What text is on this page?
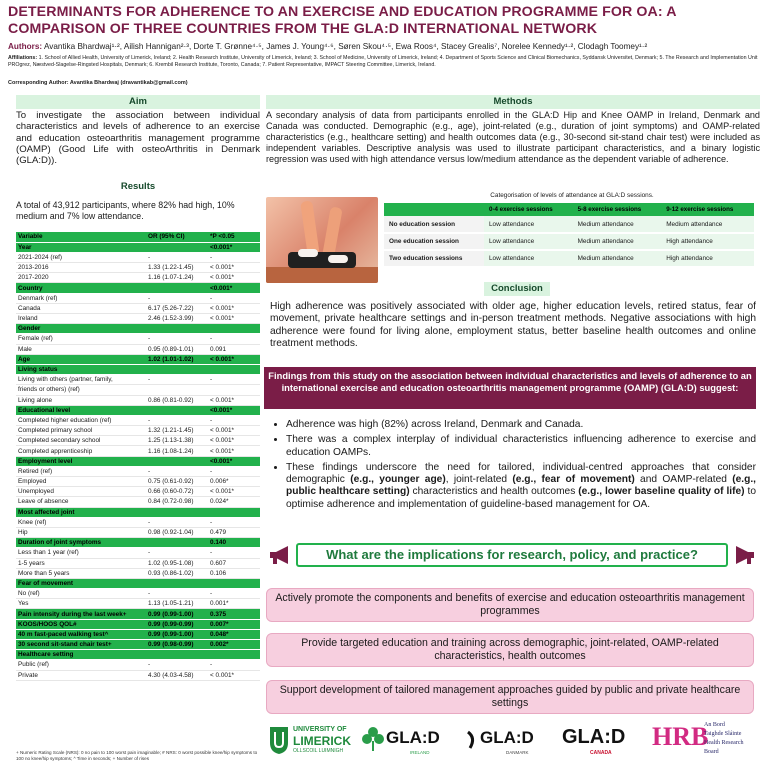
DETERMINANTS FOR ADHERENCE TO AN EXERCISE AND EDUCATION PROGRAMME FOR OA: A COMPARISON OF THREE COUNTRIES FROM THE GLA:D INTERNATIONAL NETWORK
Authors: Avantika Bhardwaj¹·², Ailish Hannigan²·³, Dorte T. Grønne⁴·⁵, James J. Young⁴·⁶, Søren Skou⁴·⁵, Ewa Roos⁴, Stacey Grealis⁷, Norelee Kennedy¹·², Clodagh Toomey¹·²
Affiliations: 1. School of Allied Health, University of Limerick, Ireland; 2. Health Research Institute, University of Limerick, Ireland; 3. School of Medicine, University of Limerick, Ireland; 4. Department of Sports Science and Clinical Biomechanics, Syddansk Universitet, Denmark; 5. The Research and Implementation Unit PROgrez, Næstved-Slagelse-Ringsted Hospitals, Denmark; 6. Krembil Research Institute, Toronto, Canada; 7. Patient Representative, IMPACT Steering Committee, Limerick, Ireland.
Corresponding Author: Avantika Bhardwaj (dravantikab@gmail.com)
Aim
To investigate the association between individual characteristics and levels of adherence to an exercise and education osteoarthritis management programme (OAMP) (Good Life with osteoArthritis in Denmark (GLA:D)).
Results
A total of 43,912 participants, where 82% had high, 10% medium and 7% low attendance.
Variable	OR (95% CI)	*P <0.05
Year		<0.001*
2021-2024 (ref)	-	-
2013-2016	1.33 (1.22-1.45)	< 0.001*
2017-2020	1.16 (1.07-1.24)	< 0.001*
Country		<0.001*
Denmark (ref)	-	-
Canada	6.17 (5.26-7.22)	< 0.001*
Ireland	2.46 (1.52-3.99)	< 0.001*
Gender		
Female (ref)	-	-
Male	0.95 (0.89-1.01)	0.091
Age	1.02 (1.01-1.02)	< 0.001*
Living status		
Living with others (partner, family,	-	-
friends or others) (ref)		
Living alone	0.86 (0.81-0.92)	< 0.001*
Educational level		<0.001*
Completed higher education (ref)	-	-
Completed primary school	1.32 (1.21-1.45)	< 0.001*
Completed secondary school	1.25 (1.13-1.38)	< 0.001*
Completed apprenticeship	1.16 (1.08-1.24)	< 0.001*
Employment level		<0.001*
Retired (ref)	-	-
Employed	0.75 (0.61-0.92)	0.006*
Unemployed	0.66 (0.60-0.72)	< 0.001*
Leave of absence	0.84 (0.72-0.98)	0.024*
Most affected joint		
Knee (ref)	-	-
Hip	0.98 (0.92-1.04)	0.479
Duration of joint symptoms		0.140
Less than 1 year (ref)	-	-
1-5 years	1.02 (0.95-1.08)	0.607
More than 5 years	0.93 (0.86-1.02)	0.106
Fear of movement		
No (ref)	-	-
Yes	1.13 (1.05-1.21)	0.001*
Pain intensity during the last week+	0.99 (0.99-1.00)	0.375
KOOS/HOOS QOL#	0.99 (0.99-0.99)	0.007*
40 m fast-paced walking test^	0.99 (0.99-1.00)	0.048*
30 second sit-stand chair test+	0.99 (0.98-0.99)	0.002*
Healthcare setting		
Public (ref)	-	-
Private	4.30 (4.03-4.58)	< 0.001*
+ Numeric Rating Scale (NRS): 0 no pain to 100 worst pain imaginable; # NRS: 0 worst possible knee/hip symptoms to 100 no knee/hip symptoms; ^ Time in seconds; + Number of rises
Methods
A secondary analysis of data from participants enrolled in the GLA:D Hip and Knee OAMP in Ireland, Denmark and Canada was conducted. Demographic (e.g., age), joint-related (e.g., duration of joint symptoms) and OAMP-related characteristics (e.g., healthcare setting) and health outcomes data (e.g., 30-second sit-stand chair test) were included as independent variables. Descriptive analysis was used to illustrate participant characteristics, and a binary logistic regression was used with high attendance versus low/medium attendance as the dependent variable of adherence.
Categorisation of levels of attendance at GLA:D sessions.
	0-4 exercise sessions	5-8 exercise sessions	9-12 exercise sessions
No education session	Low attendance	Medium attendance	Medium attendance
One education session	Low attendance	Medium attendance	High attendance
Two education sessions	Low attendance	Medium attendance	High attendance
Conclusion
High adherence was positively associated with older age, higher education levels, retired status, fear of movement, private healthcare settings and in-person treatment methods. Negative associations with high adherence were found for living alone, employment status, better baseline health outcomes and online treatment methods.
Findings from this study on the association between individual characteristics and levels of adherence to an international exercise and education osteoarthritis management programme (OAMP) (GLA:D) suggest:
• Adherence was high (82%) across Ireland, Denmark and Canada.
• There was a complex interplay of individual characteristics influencing adherence to exercise and education OAMPs.
• These findings underscore the need for tailored, individual-centred approaches that consider demographic (e.g., younger age), joint-related (e.g., fear of movement) and OAMP-related (e.g., public healthcare setting) characteristics and health outcomes (e.g., lower baseline quality of life) to optimise adherence and implementation of guideline-based management for OA.
What are the implications for research, policy, and practice?
Actively promote the components and benefits of exercise and education osteoarthritis management programmes
Provide targeted education and training across demographic, joint-related, OAMP-related characteristics, health outcomes
Support development of tailored management approaches guided by public and private healthcare settings
UNIVERSITY OF
LIMERICK
OLLSCOIL LUIMNIGH
GLA:D
IRELAND
GLA:D
DANMARK
GLA:D
CANADA
HRB
An Bord
Taighde Sláinte
Health Research
Board
